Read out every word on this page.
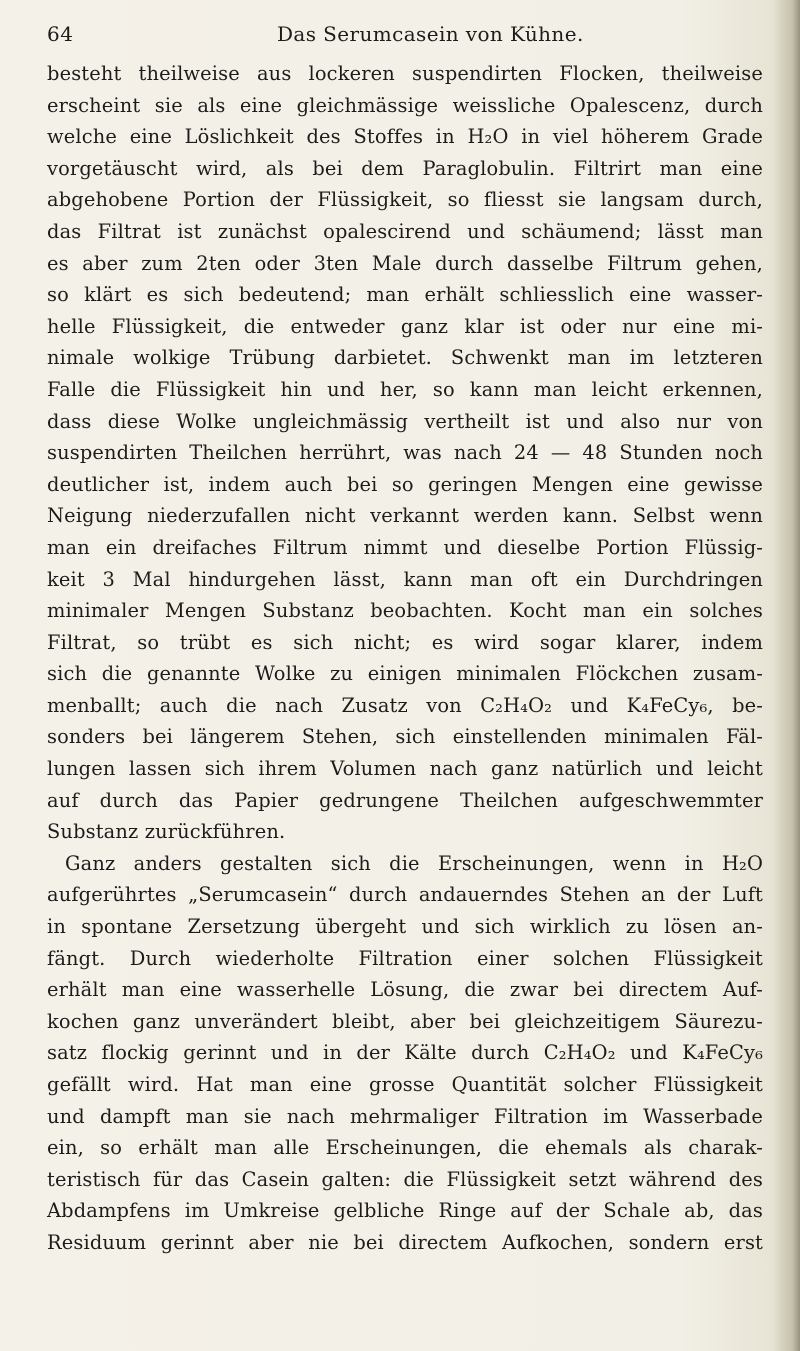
64	Das Serumcasein von Kühne.
besteht theilweise aus lockeren suspendirten Flocken, theilweise
erscheint sie als eine gleichmässige weissliche Opalescenz, durch
welche eine Löslichkeit des Stoffes in H₂O in viel höherem Grade
vorgetäuscht wird, als bei dem Paraglobulin. Filtrirt man eine
abgehobene Portion der Flüssigkeit, so fliesst sie langsam durch,
das Filtrat ist zunächst opalescirend und schäumend; lässt man
es aber zum 2ten oder 3ten Male durch dasselbe Filtrum gehen,
so klärt es sich bedeutend; man erhält schliesslich eine wasser-
helle Flüssigkeit, die entweder ganz klar ist oder nur eine mi-
nimale wolkige Trübung darbietet. Schwenkt man im letzteren
Falle die Flüssigkeit hin und her, so kann man leicht erkennen,
dass diese Wolke ungleichmässig vertheilt ist und also nur von
suspendirten Theilchen herrührt, was nach 24 — 48 Stunden noch
deutlicher ist, indem auch bei so geringen Mengen eine gewisse
Neigung niederzufallen nicht verkannt werden kann. Selbst wenn
man ein dreifaches Filtrum nimmt und dieselbe Portion Flüssig-
keit 3 Mal hindurgehen lässt, kann man oft ein Durchdringen
minimaler Mengen Substanz beobachten. Kocht man ein solches
Filtrat, so trübt es sich nicht; es wird sogar klarer, indem
sich die genannte Wolke zu einigen minimalen Flöckchen zusam-
menballt; auch die nach Zusatz von C₂H₄O₂ und K₄FeCy₆, be-
sonders bei längerem Stehen, sich einstellenden minimalen Fäl-
lungen lassen sich ihrem Volumen nach ganz natürlich und leicht
auf durch das Papier gedrungene Theilchen aufgeschwemmter
Substanz zurückführen.
Ganz anders gestalten sich die Erscheinungen, wenn in H₂O
aufgerührtes „Serumcasein“ durch andauerndes Stehen an der Luft
in spontane Zersetzung übergeht und sich wirklich zu lösen an-
fängt. Durch wiederholte Filtration einer solchen Flüssigkeit
erhält man eine wasserhelle Lösung, die zwar bei directem Auf-
kochen ganz unverändert bleibt, aber bei gleichzeitigem Säurezu-
satz flockig gerinnt und in der Kälte durch C₂H₄O₂ und K₄FeCy₆
gefällt wird. Hat man eine grosse Quantität solcher Flüssigkeit
und dampft man sie nach mehrmaliger Filtration im Wasserbade
ein, so erhält man alle Erscheinungen, die ehemals als charak-
teristisch für das Casein galten: die Flüssigkeit setzt während des
Abdampfens im Umkreise gelbliche Ringe auf der Schale ab, das
Residuum gerinnt aber nie bei directem Aufkochen, sondern erst
